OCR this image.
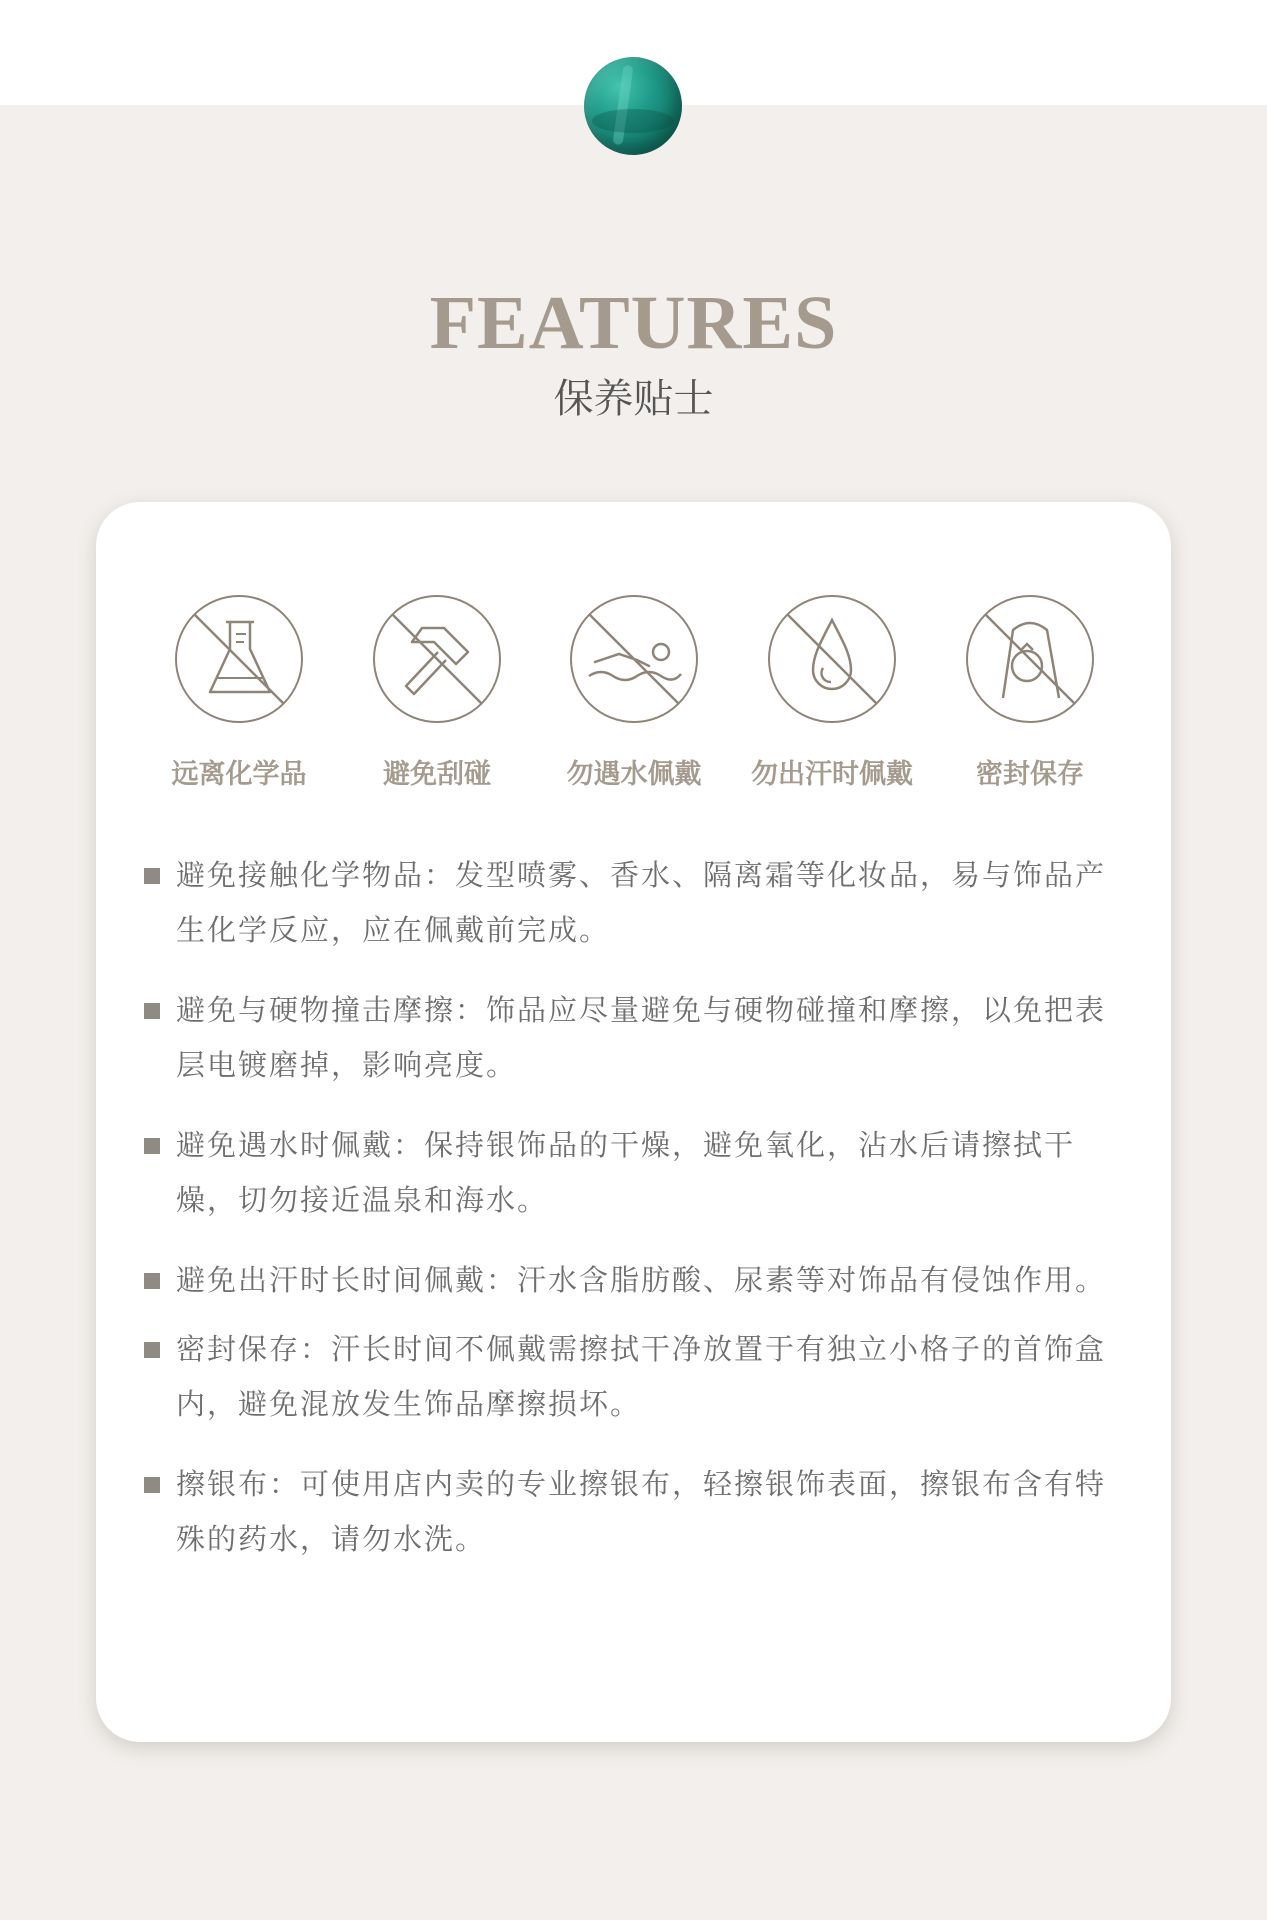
FEATURES
保养贴士
远离化学品	避免刮碰	勿遇水佩戴	勿出汗时佩戴	密封保存
避免接触化学物品：发型喷雾、香水、隔离霜等化妆品，易与饰品产生化学反应，应在佩戴前完成。
避免与硬物撞击摩擦：饰品应尽量避免与硬物碰撞和摩擦，以免把表层电镀磨掉，影响亮度。
避免遇水时佩戴：保持银饰品的干燥，避免氧化，沾水后请擦拭干燥，切勿接近温泉和海水。
避免出汗时长时间佩戴：汗水含脂肪酸、尿素等对饰品有侵蚀作用。
密封保存：汗长时间不佩戴需擦拭干净放置于有独立小格子的首饰盒内，避免混放发生饰品摩擦损坏。
擦银布：可使用店内卖的专业擦银布，轻擦银饰表面，擦银布含有特殊的药水，请勿水洗。
